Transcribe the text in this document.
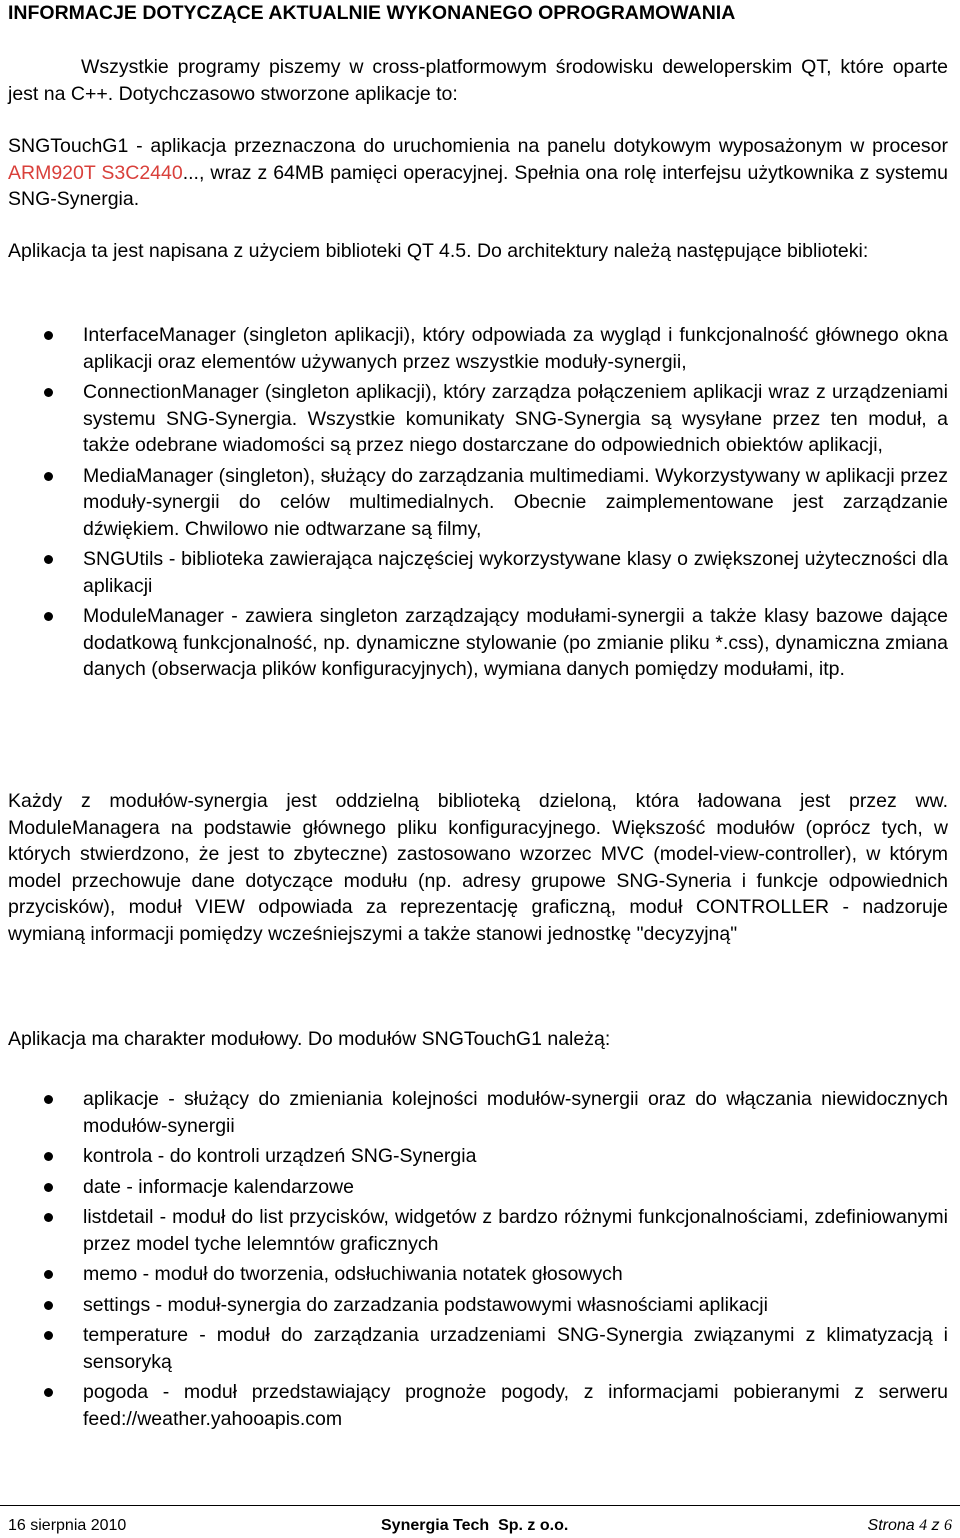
INFORMACJE DOTYCZĄCE AKTUALNIE WYKONANEGO OPROGRAMOWANIA
Wszystkie programy piszemy w cross-platformowym środowisku deweloperskim QT, które oparte jest na C++. Dotychczasowo stworzone aplikacje to:
SNGTouchG1 - aplikacja przeznaczona do uruchomienia na panelu dotykowym wyposażonym w procesor ARM920T S3C2440..., wraz z 64MB pamięci operacyjnej. Spełnia ona rolę interfejsu użytkownika z systemu SNG-Synergia.
Aplikacja ta jest napisana z użyciem biblioteki QT 4.5. Do architektury należą następujące biblioteki:
InterfaceManager (singleton aplikacji), który odpowiada za wygląd i funkcjonalność głównego okna aplikacji oraz elementów używanych przez wszystkie moduły-synergii,
ConnectionManager (singleton aplikacji), który zarządza połączeniem aplikacji wraz z urządzeniami systemu SNG-Synergia. Wszystkie komunikaty SNG-Synergia są wysyłane przez ten moduł, a także odebrane wiadomości są przez niego dostarczane do odpowiednich obiektów aplikacji,
MediaManager (singleton), służący do zarządzania multimediami. Wykorzystywany w aplikacji przez moduły-synergii do celów multimedialnych. Obecnie zaimplementowane jest zarządzanie dźwiękiem. Chwilowo nie odtwarzane są filmy,
SNGUtils - biblioteka zawierająca najczęściej wykorzystywane klasy o zwiększonej użyteczności dla aplikacji
ModuleManager - zawiera singleton zarządzający modułami-synergii a także klasy bazowe dające dodatkową funkcjonalność, np. dynamiczne stylowanie (po zmianie pliku *.css), dynamiczna zmiana danych (obserwacja plików konfiguracyjnych), wymiana danych pomiędzy modułami, itp.
Każdy z modułów-synergia jest oddzielną biblioteką dzieloną, która ładowana jest przez ww. ModuleManagera na podstawie głównego pliku konfiguracyjnego. Większość modułów (oprócz tych, w których stwierdzono, że jest to zbyteczne) zastosowano wzorzec MVC (model-view-controller), w którym model przechowuje dane dotyczące modułu (np. adresy grupowe SNG-Syneria i funkcje odpowiednich przycisków), moduł VIEW odpowiada za reprezentację graficzną, moduł CONTROLLER - nadzoruje wymianą informacji pomiędzy wcześniejszymi a także stanowi jednostkę "decyzyjną"
Aplikacja ma charakter modułowy. Do modułów SNGTouchG1 należą:
aplikacje - służący do zmieniania kolejności modułów-synergii oraz do włączania niewidocznych modułów-synergii
kontrola - do kontroli urządzeń SNG-Synergia
date - informacje kalendarzowe
listdetail - moduł do list przycisków, widgetów z bardzo różnymi funkcjonalnościami, zdefiniowanymi przez model tyche lelemntów graficznych
memo - moduł do tworzenia, odsłuchiwania notatek głosowych
settings - moduł-synergia do zarzadzania podstawowymi własnościami aplikacji
temperature - moduł do zarządzania urzadzeniami SNG-Synergia związanymi z klimatyzacją i sensoryką
pogoda - moduł przedstawiający prognoże pogody, z informacjami pobieranymi z serweru feed://weather.yahooapis.com
16 sierpnia 2010	Synergia Tech  Sp. z o.o.	Strona 4 z 6
